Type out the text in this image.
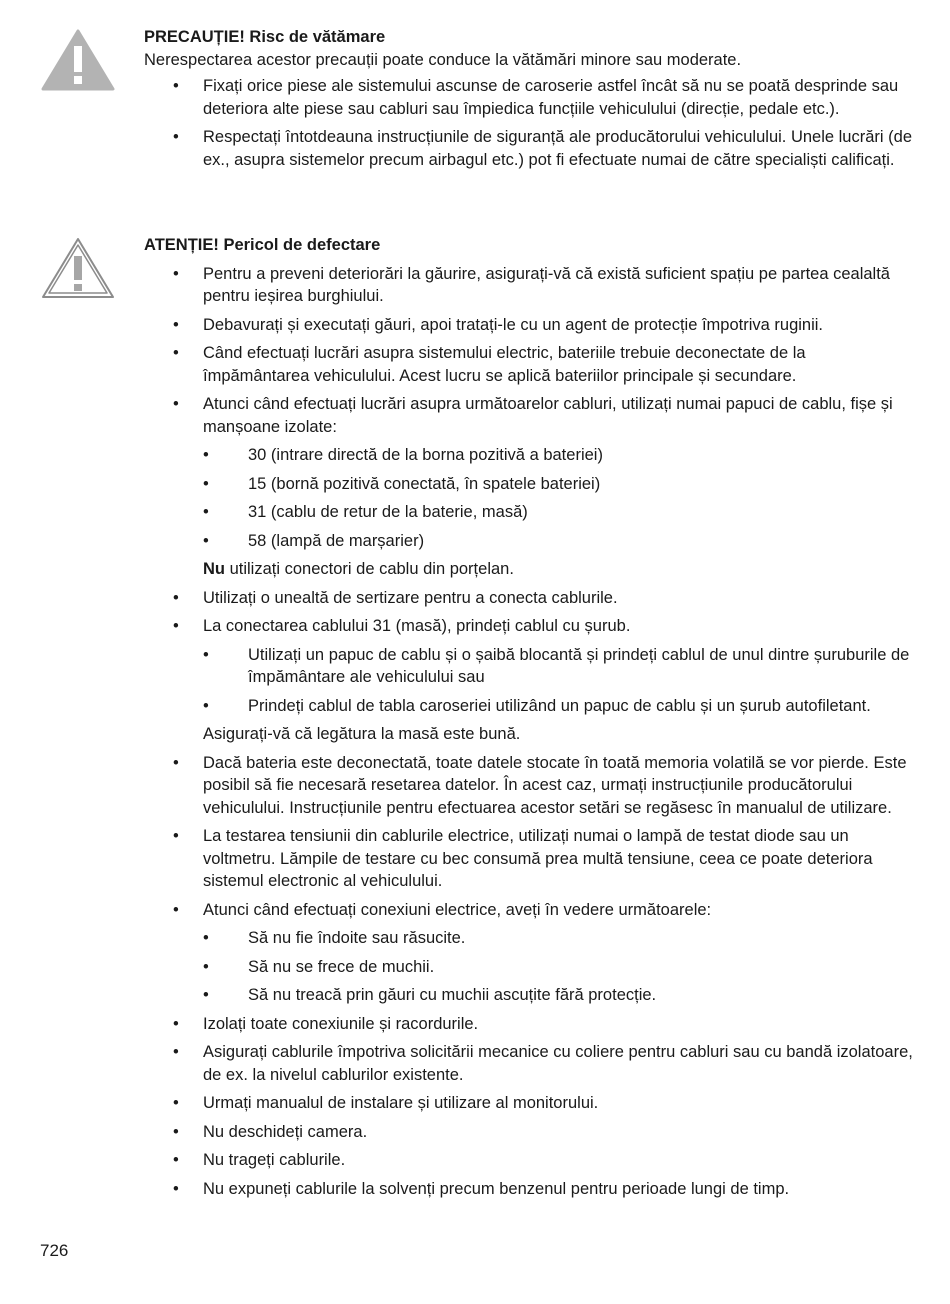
PRECAUȚIE! Risc de vătămare
Nerespectarea acestor precauții poate conduce la vătămări minore sau moderate.
• Fixați orice piese ale sistemului ascunse de caroserie astfel încât să nu se poată desprinde sau deteriora alte piese sau cabluri sau împiedica funcțiile vehiculului (direcție, pedale etc.).
• Respectați întotdeauna instrucțiunile de siguranță ale producătorului vehiculului. Unele lucrări (de ex., asupra sistemelor precum airbagul etc.) pot fi efectuate numai de către specialiști calificați.
ATENȚIE! Pericol de defectare
• Pentru a preveni deteriorări la găurire, asigurați-vă că există suficient spațiu pe partea cealaltă pentru ieșirea burghiului.
• Debavurați și executați găuri, apoi tratați-le cu un agent de protecție împotriva ruginii.
• Când efectuați lucrări asupra sistemului electric, bateriile trebuie deconectate de la împământarea vehiculului. Acest lucru se aplică bateriilor principale și secundare.
• Atunci când efectuați lucrări asupra următoarelor cabluri, utilizați numai papuci de cablu, fișe și manșoane izolate:
• 30 (intrare directă de la borna pozitivă a bateriei)
• 15 (bornă pozitivă conectată, în spatele bateriei)
• 31 (cablu de retur de la baterie, masă)
• 58 (lampă de marșarier)
Nu utilizați conectori de cablu din porțelan.
• Utilizați o unealtă de sertizare pentru a conecta cablurile.
• La conectarea cablului 31 (masă), prindeți cablul cu șurub.
• Utilizați un papuc de cablu și o șaibă blocantă și prindeți cablul de unul dintre șuruburile de împământare ale vehiculului sau
• Prindeți cablul de tabla caroseriei utilizând un papuc de cablu și un șurub autofiletant.
Asigurați-vă că legătura la masă este bună.
• Dacă bateria este deconectată, toate datele stocate în toată memoria volatilă se vor pierde. Este posibil să fie necesară resetarea datelor. În acest caz, urmați instrucțiunile producătorului vehiculului. Instrucțiunile pentru efectuarea acestor setări se regăsesc în manualul de utilizare.
• La testarea tensiunii din cablurile electrice, utilizați numai o lampă de testat diode sau un voltmetru. Lămpile de testare cu bec consumă prea multă tensiune, ceea ce poate deteriora sistemul electronic al vehiculului.
• Atunci când efectuați conexiuni electrice, aveți în vedere următoarele:
• Să nu fie îndoite sau răsucite.
• Să nu se frece de muchii.
• Să nu treacă prin găuri cu muchii ascuțite fără protecție.
• Izolați toate conexiunile și racordurile.
• Asigurați cablurile împotriva solicitării mecanice cu coliere pentru cabluri sau cu bandă izolatoare, de ex. la nivelul cablurilor existente.
• Urmați manualul de instalare și utilizare al monitorului.
• Nu deschideți camera.
• Nu trageți cablurile.
• Nu expuneți cablurile la solvenți precum benzenul pentru perioade lungi de timp.
726
